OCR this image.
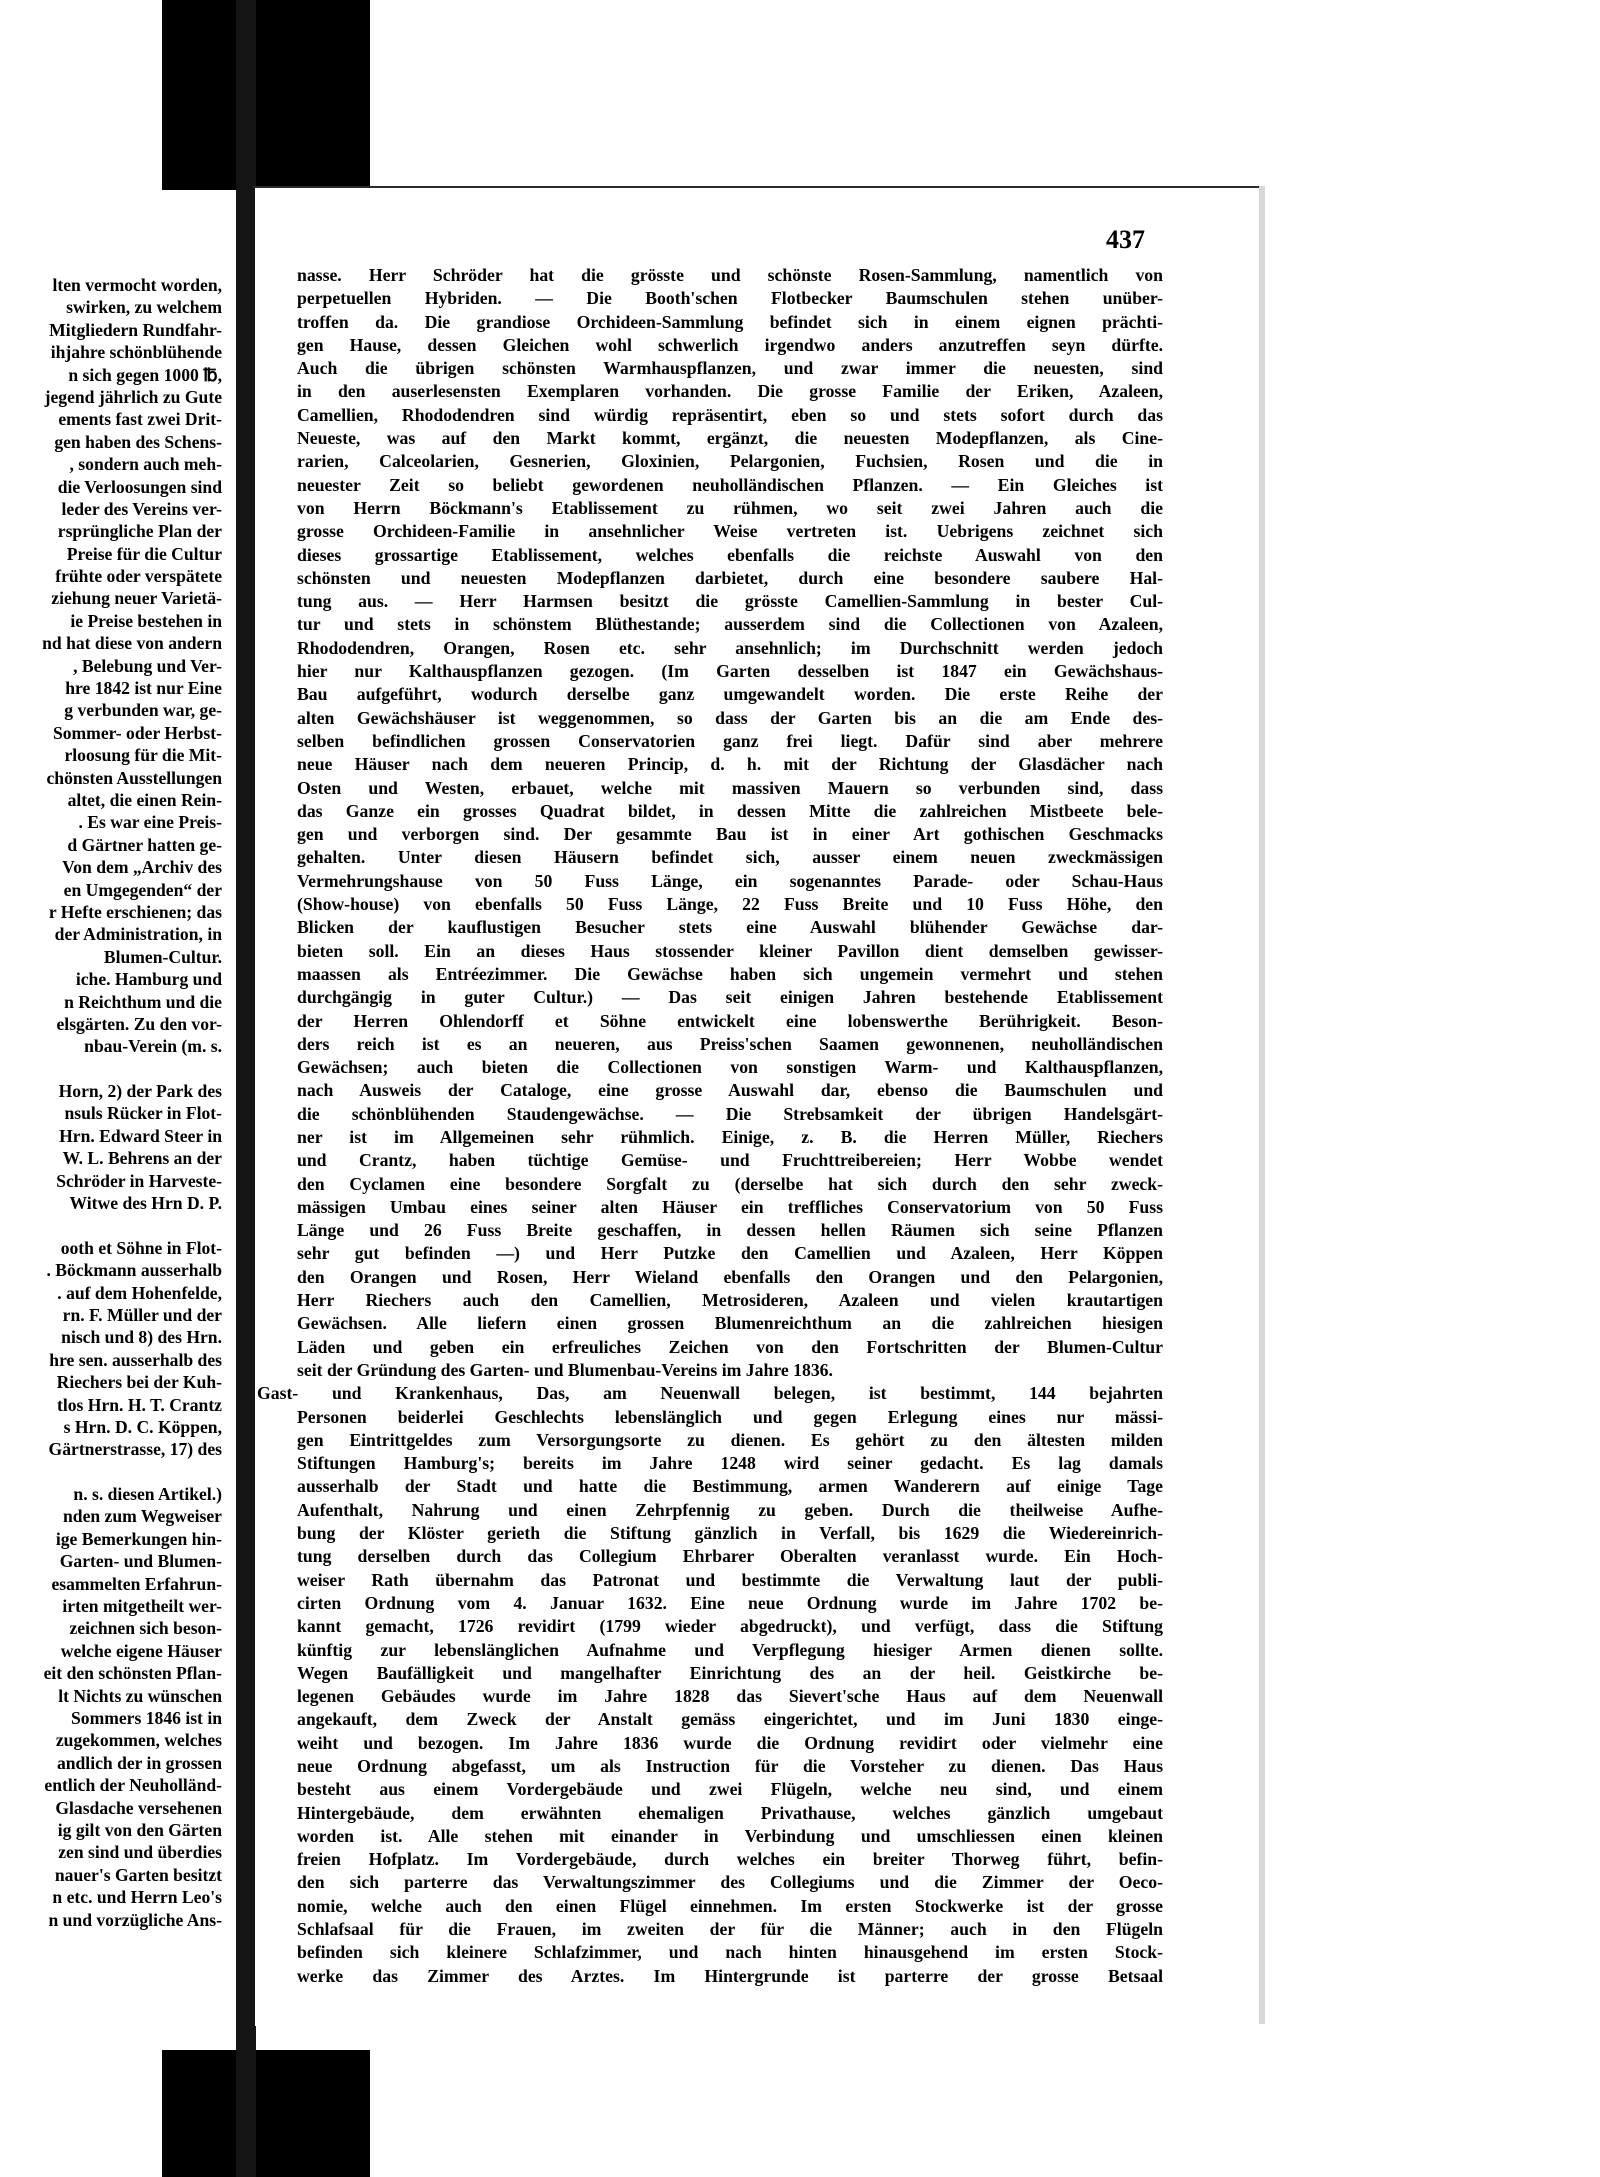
lten vermocht worden,
swirken, zu welchem
Mitgliedern Rundfahr-
ihjahre schönblühende
n sich gegen 1000 ℔,
jegend jährlich zu Gute
ements fast zwei Drit-
gen haben des Schens-
, sondern auch meh-
die Verloosungen sind
leder des Vereins ver-
rsprüngliche Plan der
Preise für die Cultur
frühte oder verspätete
ziehung neuer Varietä-
ie Preise bestehen in
nd hat diese von andern
, Belebung und Ver-
hre 1842 ist nur Eine
g verbunden war, ge-
Sommer- oder Herbst-
rloosung für die Mit-
chönsten Ausstellungen
altet, die einen Rein-
. Es war eine Preis-
d Gärtner hatten ge-
Von dem „Archiv des
en Umgegenden“ der
r Hefte erschienen; das
der Administration, in
Blumen-Cultur.
iche. Hamburg und
n Reichthum und die
elsgärten. Zu den vor-
nbau-Verein (m. s.
Horn, 2) der Park des
nsuls Rücker in Flot-
Hrn. Edward Steer in
W. L. Behrens an der
Schröder in Harveste-
Witwe des Hrn D. P.
ooth et Söhne in Flot-
. Böckmann ausserhalb
. auf dem Hohenfelde,
rn. F. Müller und der
nisch und 8) des Hrn.
hre sen. ausserhalb des
Riechers bei der Kuh-
tlos Hrn. H. T. Crantz
s Hrn. D. C. Köppen,
Gärtnerstrasse, 17) des
n. s. diesen Artikel.)
nden zum Wegweiser
ige Bemerkungen hin-
Garten- und Blumen-
esammelten Erfahrun-
irten mitgetheilt wer-
zeichnen sich beson-
welche eigene Häuser
eit den schönsten Pflan-
lt Nichts zu wünschen
Sommers 1846 ist in
zugekommen, welches
andlich der in grossen
entlich der Neuholländ-
Glasdache versehenen
ig gilt von den Gärten
zen sind und überdies
nauer's Garten besitzt
n etc. und Herrn Leo's
n und vorzügliche Ans-
437
nasse. Herr Schröder hat die grösste und schönste Rosen-Sammlung, namentlich von
perpetuellen Hybriden. — Die Booth'schen Flotbecker Baumschulen stehen unüber-
troffen da. Die grandiose Orchideen-Sammlung befindet sich in einem eignen prächti-
gen Hause, dessen Gleichen wohl schwerlich irgendwo anders anzutreffen seyn dürfte.
Auch die übrigen schönsten Warmhauspflanzen, und zwar immer die neuesten, sind
in den auserlesensten Exemplaren vorhanden. Die grosse Familie der Eriken, Azaleen,
Camellien, Rhododendren sind würdig repräsentirt, eben so und stets sofort durch das
Neueste, was auf den Markt kommt, ergänzt, die neuesten Modepflanzen, als Cine-
rarien, Calceolarien, Gesnerien, Gloxinien, Pelargonien, Fuchsien, Rosen und die in
neuester Zeit so beliebt gewordenen neuholländischen Pflanzen. — Ein Gleiches ist
von Herrn Böckmann's Etablissement zu rühmen, wo seit zwei Jahren auch die
grosse Orchideen-Familie in ansehnlicher Weise vertreten ist. Uebrigens zeichnet sich
dieses grossartige Etablissement, welches ebenfalls die reichste Auswahl von den
schönsten und neuesten Modepflanzen darbietet, durch eine besondere saubere Hal-
tung aus. — Herr Harmsen besitzt die grösste Camellien-Sammlung in bester Cul-
tur und stets in schönstem Blüthestande; ausserdem sind die Collectionen von Azaleen,
Rhododendren, Orangen, Rosen etc. sehr ansehnlich; im Durchschnitt werden jedoch
hier nur Kalthauspflanzen gezogen. (Im Garten desselben ist 1847 ein Gewächshaus-
Bau aufgeführt, wodurch derselbe ganz umgewandelt worden. Die erste Reihe der
alten Gewächshäuser ist weggenommen, so dass der Garten bis an die am Ende des-
selben befindlichen grossen Conservatorien ganz frei liegt. Dafür sind aber mehrere
neue Häuser nach dem neueren Princip, d. h. mit der Richtung der Glasdächer nach
Osten und Westen, erbauet, welche mit massiven Mauern so verbunden sind, dass
das Ganze ein grosses Quadrat bildet, in dessen Mitte die zahlreichen Mistbeete bele-
gen und verborgen sind. Der gesammte Bau ist in einer Art gothischen Geschmacks
gehalten. Unter diesen Häusern befindet sich, ausser einem neuen zweckmässigen
Vermehrungshause von 50 Fuss Länge, ein sogenanntes Parade- oder Schau-Haus
(Show-house) von ebenfalls 50 Fuss Länge, 22 Fuss Breite und 10 Fuss Höhe, den
Blicken der kauflustigen Besucher stets eine Auswahl blühender Gewächse dar-
bieten soll. Ein an dieses Haus stossender kleiner Pavillon dient demselben gewisser-
maassen als Entréezimmer. Die Gewächse haben sich ungemein vermehrt und stehen
durchgängig in guter Cultur.) — Das seit einigen Jahren bestehende Etablissement
der Herren Ohlendorff et Söhne entwickelt eine lobenswerthe Berührigkeit. Beson-
ders reich ist es an neueren, aus Preiss'schen Saamen gewonnenen, neuholländischen
Gewächsen; auch bieten die Collectionen von sonstigen Warm- und Kalthauspflanzen,
nach Ausweis der Cataloge, eine grosse Auswahl dar, ebenso die Baumschulen und
die schönblühenden Staudengewächse. — Die Strebsamkeit der übrigen Handelsgärt-
ner ist im Allgemeinen sehr rühmlich. Einige, z. B. die Herren Müller, Riechers
und Crantz, haben tüchtige Gemüse- und Fruchttreibereien; Herr Wobbe wendet
den Cyclamen eine besondere Sorgfalt zu (derselbe hat sich durch den sehr zweck-
mässigen Umbau eines seiner alten Häuser ein treffliches Conservatorium von 50 Fuss
Länge und 26 Fuss Breite geschaffen, in dessen hellen Räumen sich seine Pflanzen
sehr gut befinden —) und Herr Putzke den Camellien und Azaleen, Herr Köppen
den Orangen und Rosen, Herr Wieland ebenfalls den Orangen und den Pelargonien,
Herr Riechers auch den Camellien, Metrosideren, Azaleen und vielen krautartigen
Gewächsen. Alle liefern einen grossen Blumenreichthum an die zahlreichen hiesigen
Läden und geben ein erfreuliches Zeichen von den Fortschritten der Blumen-Cultur
seit der Gründung des Garten- und Blumenbau-Vereins im Jahre 1836.
Gast- und Krankenhaus, Das, am Neuenwall belegen, ist bestimmt, 144 bejahrten
Personen beiderlei Geschlechts lebenslänglich und gegen Erlegung eines nur mässi-
gen Eintrittgeldes zum Versorgungsorte zu dienen. Es gehört zu den ältesten milden
Stiftungen Hamburg's; bereits im Jahre 1248 wird seiner gedacht. Es lag damals
ausserhalb der Stadt und hatte die Bestimmung, armen Wanderern auf einige Tage
Aufenthalt, Nahrung und einen Zehrpfennig zu geben. Durch die theilweise Aufhe-
bung der Klöster gerieth die Stiftung gänzlich in Verfall, bis 1629 die Wiedereinrich-
tung derselben durch das Collegium Ehrbarer Oberalten veranlasst wurde. Ein Hoch-
weiser Rath übernahm das Patronat und bestimmte die Verwaltung laut der publi-
cirten Ordnung vom 4. Januar 1632. Eine neue Ordnung wurde im Jahre 1702 be-
kannt gemacht, 1726 revidirt (1799 wieder abgedruckt), und verfügt, dass die Stiftung
künftig zur lebenslänglichen Aufnahme und Verpflegung hiesiger Armen dienen sollte.
Wegen Baufälligkeit und mangelhafter Einrichtung des an der heil. Geistkirche be-
legenen Gebäudes wurde im Jahre 1828 das Sievert'sche Haus auf dem Neuenwall
angekauft, dem Zweck der Anstalt gemäss eingerichtet, und im Juni 1830 einge-
weiht und bezogen. Im Jahre 1836 wurde die Ordnung revidirt oder vielmehr eine
neue Ordnung abgefasst, um als Instruction für die Vorsteher zu dienen. Das Haus
besteht aus einem Vordergebäude und zwei Flügeln, welche neu sind, und einem
Hintergebäude, dem erwähnten ehemaligen Privathause, welches gänzlich umgebaut
worden ist. Alle stehen mit einander in Verbindung und umschliessen einen kleinen
freien Hofplatz. Im Vordergebäude, durch welches ein breiter Thorweg führt, befin-
den sich parterre das Verwaltungszimmer des Collegiums und die Zimmer der Oeco-
nomie, welche auch den einen Flügel einnehmen. Im ersten Stockwerke ist der grosse
Schlafsaal für die Frauen, im zweiten der für die Männer; auch in den Flügeln
befinden sich kleinere Schlafzimmer, und nach hinten hinausgehend im ersten Stock-
werke das Zimmer des Arztes. Im Hintergrunde ist parterre der grosse Betsaal
